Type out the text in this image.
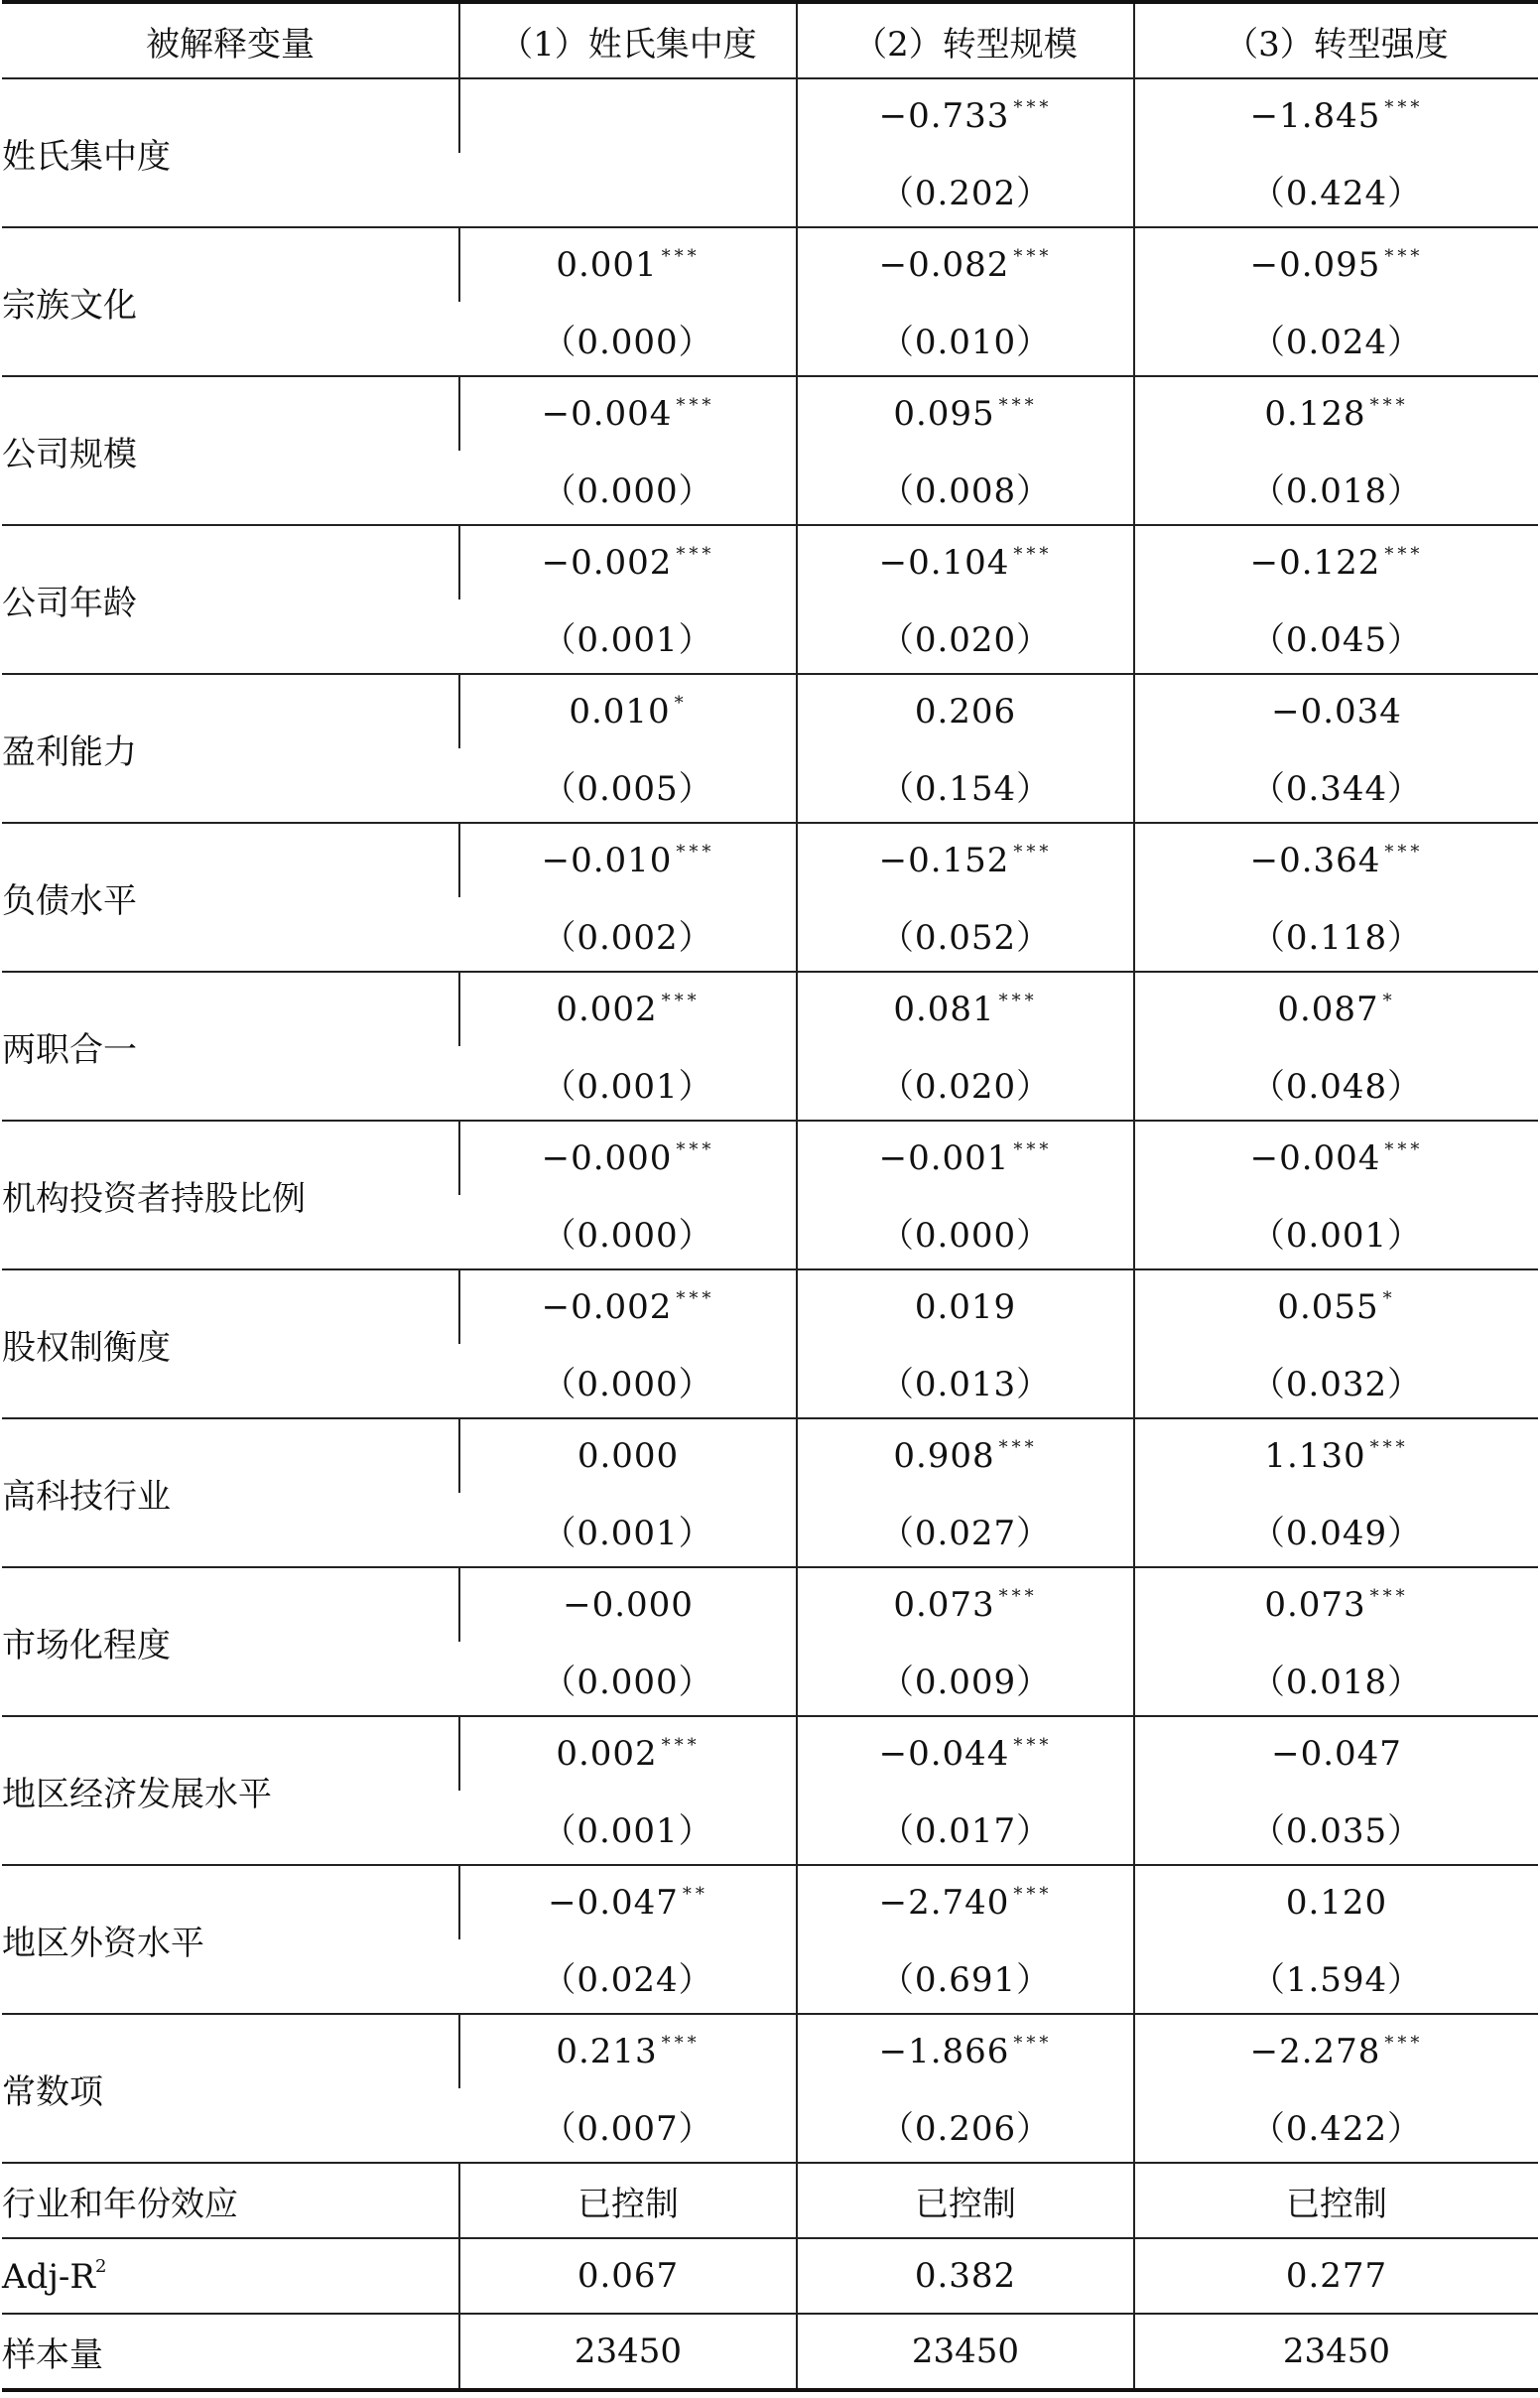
被解释变量	（1）姓氏集中度	（2）转型规模	（3）转型强度
姓氏集中度		−0.733 ***	−1.845 ***
		（ 0.202 ）	（ 0.424 ）
宗族文化	0.001 ***	−0.082 ***	−0.095 ***
	（ 0.000 ）	（ 0.010 ）	（ 0.024 ）
公司规模	−0.004 ***	0.095 ***	0.128 ***
	（ 0.000 ）	（ 0.008 ）	（ 0.018 ）
公司年龄	−0.002 ***	−0.104 ***	−0.122 ***
	（ 0.001 ）	（ 0.020 ）	（ 0.045 ）
盈利能力	0.010 *	0.206	−0.034
	（ 0.005 ）	（ 0.154 ）	（ 0.344 ）
负债水平	−0.010 ***	−0.152 ***	−0.364 ***
	（ 0.002 ）	（ 0.052 ）	（ 0.118 ）
两职合一	0.002 ***	0.081 ***	0.087 *
	（ 0.001 ）	（ 0.020 ）	（ 0.048 ）
机构投资者持股比例	−0.000 ***	−0.001 ***	−0.004 ***
	（ 0.000 ）	（ 0.000 ）	（ 0.001 ）
股权制衡度	−0.002 ***	0.019	0.055 *
	（ 0.000 ）	（ 0.013 ）	（ 0.032 ）
高科技行业	0.000	0.908 ***	1.130 ***
	（ 0.001 ）	（ 0.027 ）	（ 0.049 ）
市场化程度	−0.000	0.073 ***	0.073 ***
	（ 0.000 ）	（ 0.009 ）	（ 0.018 ）
地区经济发展水平	0.002 ***	−0.044 ***	−0.047
	（ 0.001 ）	（ 0.017 ）	（ 0.035 ）
地区外资水平	−0.047 **	−2.740 ***	0.120
	（ 0.024 ）	（ 0.691 ）	（ 1.594 ）
常数项	0.213 ***	−1.866 ***	−2.278 ***
	（ 0.007 ）	（ 0.206 ）	（ 0.422 ）
行业和年份效应	已控制	已控制	已控制
Adj-$R^2$	0.067	0.382	0.277
样本量	23450	23450	23450
